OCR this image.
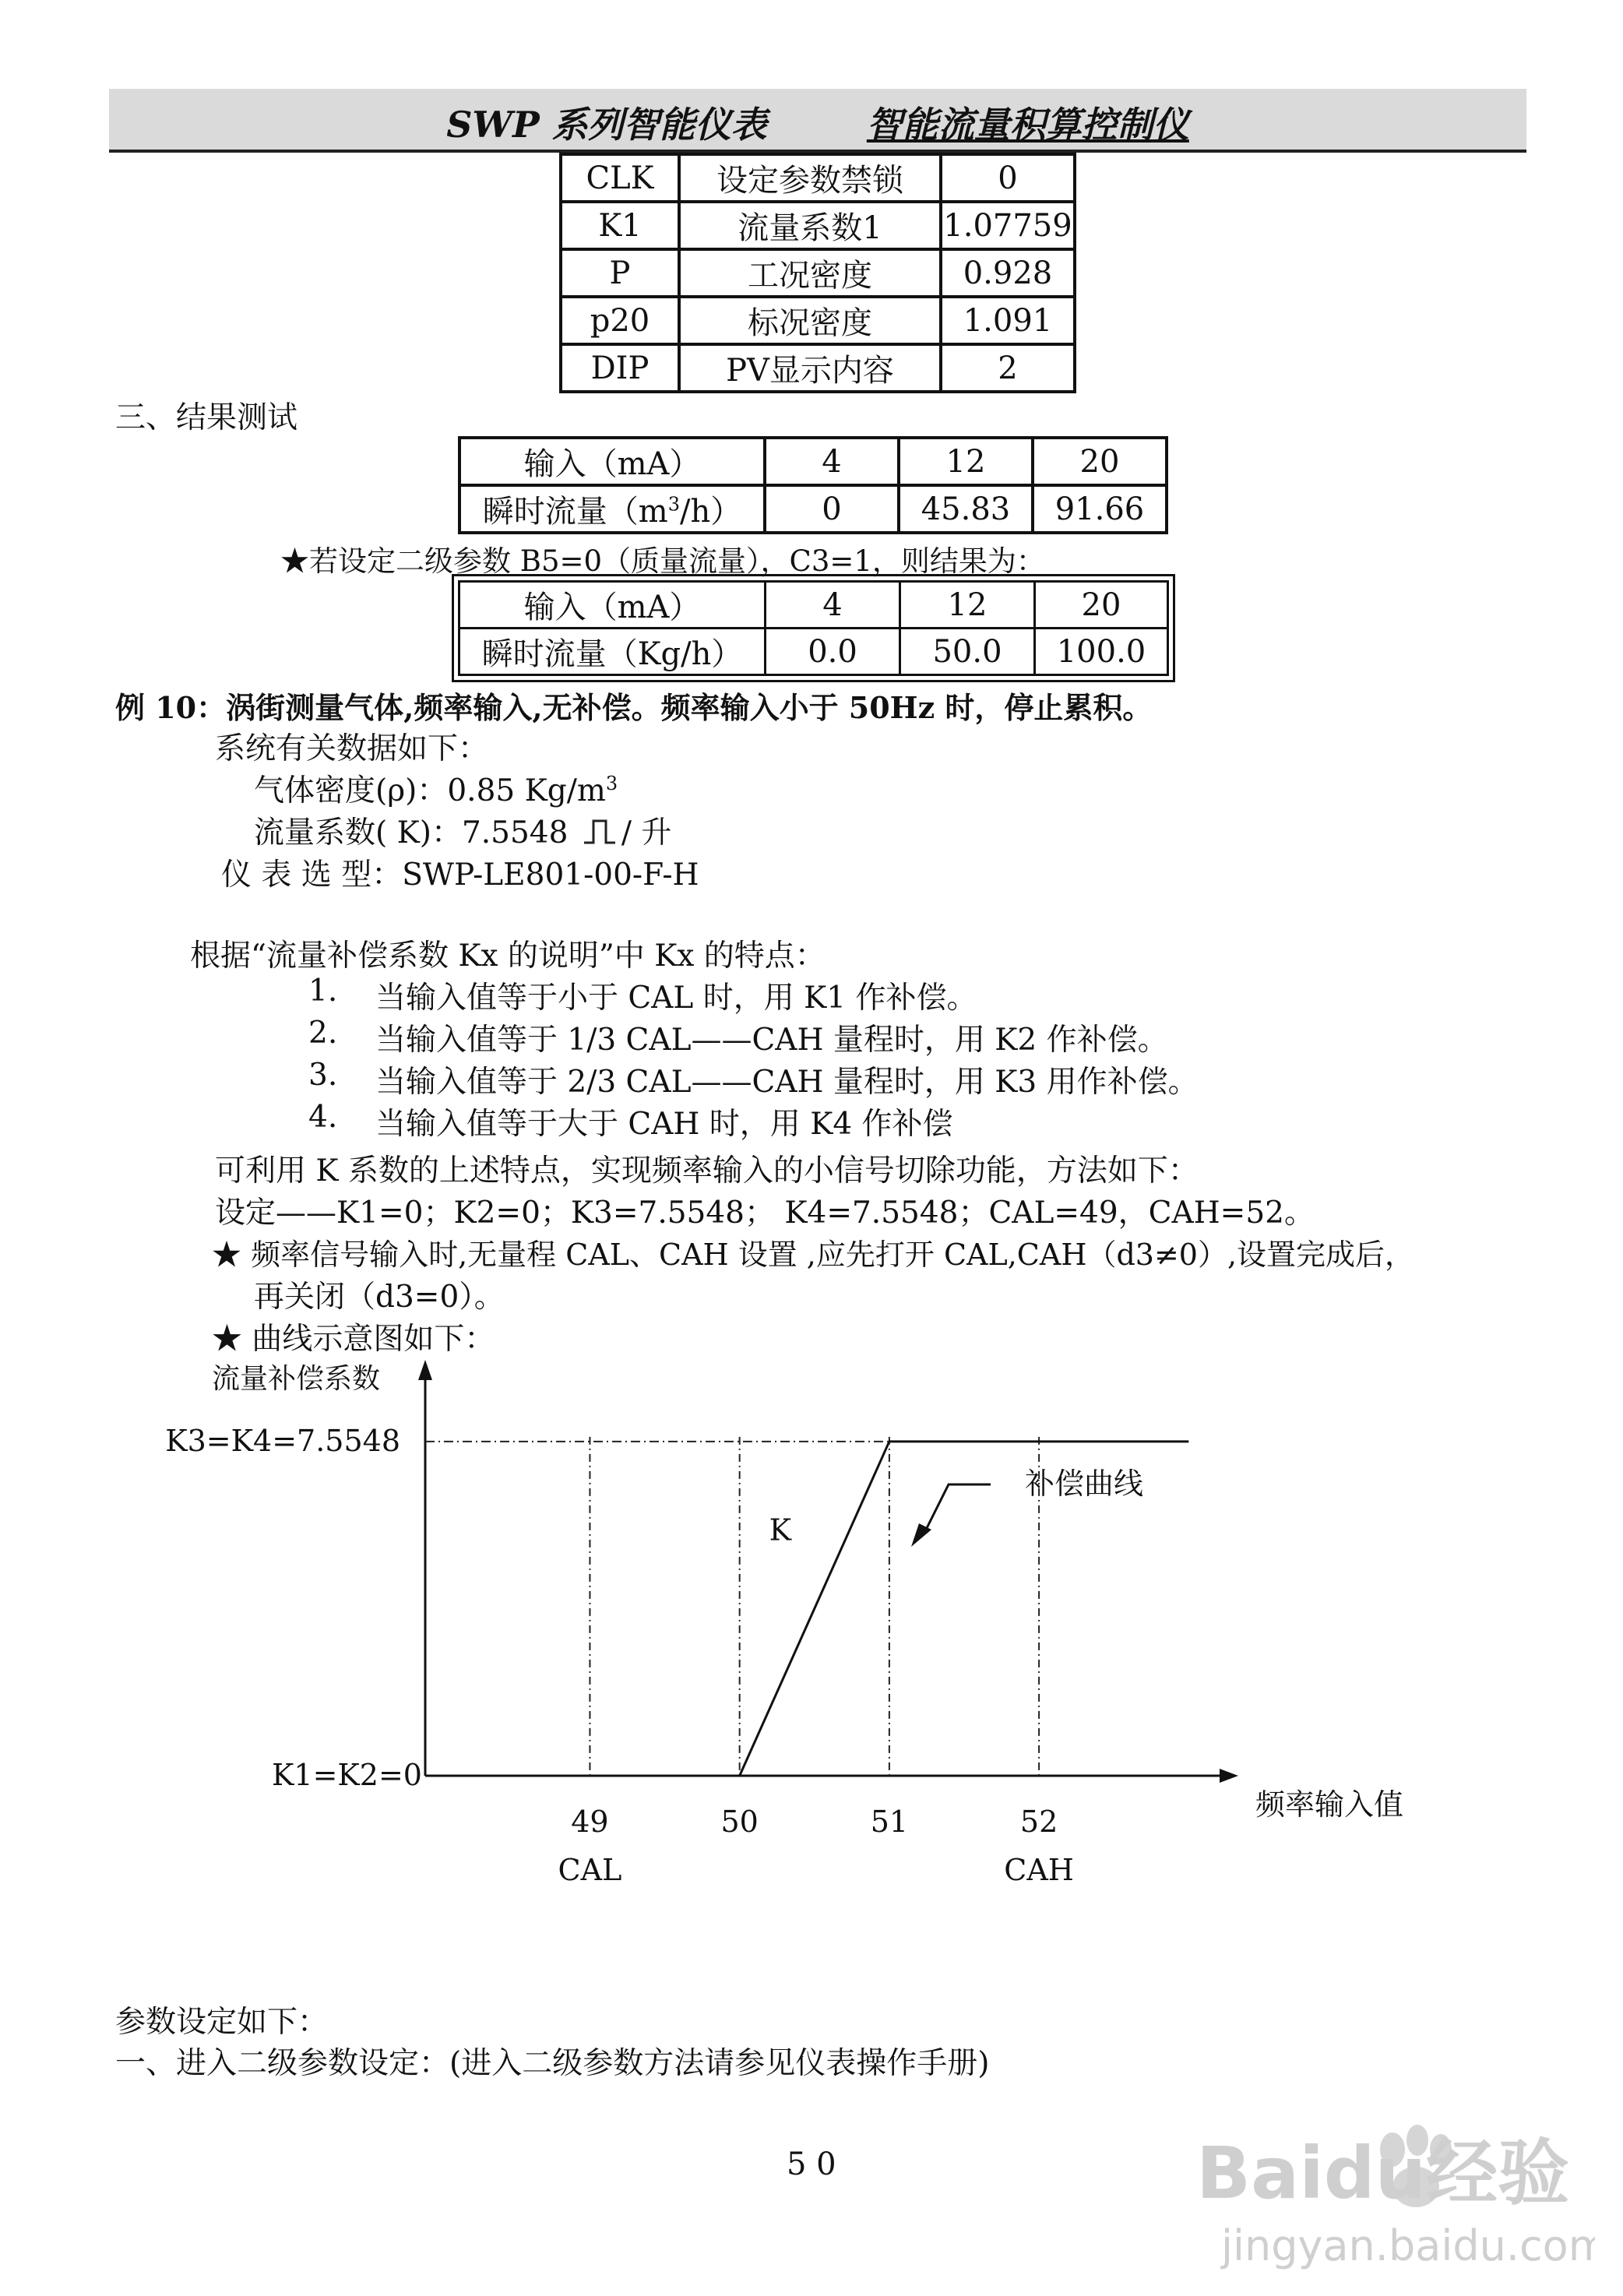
SWP 系列智能仪表	智能流量积算控制仪
CLK	设定参数禁锁	0
K1	流量系数1	1.07759
P	工况密度	0.928
p20	标况密度	1.091
DIP	PV显示内容	2
三、结果测试
输入（mA）	4	12	20
瞬时流量$(m^3/h)$	0	45.83	91.66
★若设定二级参数 B5=0（质量流量），C3=1，则结果为：
输入（mA）	4	12	20
瞬时流量（Kg/h）	0.0	50.0	100.0
例 10：涡街测量气体,频率输入,无补偿。频率输入小于 50Hz 时，停止累积。
系统有关数据如下：
气体密度(ρ)：0.85 $Kg/m^3$
流量系数( K)：7.5548 / 升
仪 表 选 型：SWP-LE801-00-F-H
根据“流量补偿系数 Kx 的说明”中 Kx 的特点：
1. 当输入值等于小于 CAL 时，用 K1 作补偿。
2. 当输入值等于 1/3 CAL——CAH 量程时，用 K2 作补偿。
3. 当输入值等于 2/3 CAL——CAH 量程时，用 K3 用作补偿。
4. 当输入值等于大于 CAH 时，用 K4 作补偿
可利用 K 系数的上述特点，实现频率输入的小信号切除功能，方法如下：
设定——K1=0；K2=0；K3=7.5548； K4=7.5548；CAL=49，CAH=52。
★ 频率信号输入时,无量程 CAL、CAH 设置 ,应先打开 CAL,CAH（d3≠0）,设置完成后，
再关闭（d3=0）。
★ 曲线示意图如下：
49
CAL
50	51	52
CAH
K1=K2=0
K3=K4=7.5548
流量补偿系数
频率输入值
K
补偿曲线
参数设定如下：
一、进入二级参数设定：(进入二级参数方法请参见仪表操作手册)
5 0	Baidu经验
jingyan.baidu.com
